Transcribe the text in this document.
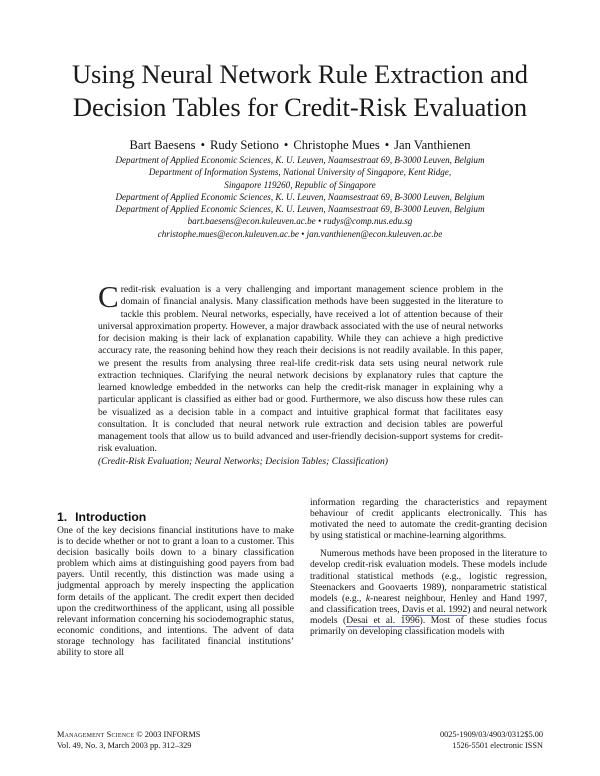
Using Neural Network Rule Extraction and
Decision Tables for Credit-Risk Evaluation
Bart Baesens • Rudy Setiono • Christophe Mues • Jan Vanthienen
Department of Applied Economic Sciences, K. U. Leuven, Naamsestraat 69, B-3000 Leuven, Belgium
Department of Information Systems, National University of Singapore, Kent Ridge,
Singapore 119260, Republic of Singapore
Department of Applied Economic Sciences, K. U. Leuven, Naamsestraat 69, B-3000 Leuven, Belgium
Department of Applied Economic Sciences, K. U. Leuven, Naamsestraat 69, B-3000 Leuven, Belgium
bart.baesens@econ.kuleuven.ac.be • rudys@comp.nus.edu.sg
christophe.mues@econ.kuleuven.ac.be • jan.vanthienen@econ.kuleuven.ac.be
Credit-risk evaluation is a very challenging and important management science problem in the domain of financial analysis. Many classification methods have been suggested in the literature to tackle this problem. Neural networks, especially, have received a lot of attention because of their universal approximation property. However, a major drawback associated with the use of neural networks for decision making is their lack of explanation capability. While they can achieve a high predictive accuracy rate, the reasoning behind how they reach their decisions is not readily available. In this paper, we present the results from analysing three real-life credit-risk data sets using neural network rule extraction techniques. Clarifying the neural network decisions by explanatory rules that capture the learned knowledge embedded in the networks can help the credit-risk manager in explaining why a particular applicant is classified as either bad or good. Furthermore, we also discuss how these rules can be visualized as a decision table in a compact and intuitive graphical format that facilitates easy consultation. It is concluded that neural network rule extraction and decision tables are powerful management tools that allow us to build advanced and user-friendly decision-support systems for credit-risk evaluation.
(Credit-Risk Evaluation; Neural Networks; Decision Tables; Classification)
1. Introduction

One of the key decisions financial institutions have to make is to decide whether or not to grant a loan to a customer. This decision basically boils down to a binary classification problem which aims at distinguishing good payers from bad payers. Until recently, this distinction was made using a judgmental approach by merely inspecting the application form details of the applicant. The credit expert then decided upon the creditworthiness of the applicant, using all possible relevant information concerning his sociodemographic status, economic conditions, and intentions. The advent of data storage technology has facilitated financial institutions’ ability to store all

information regarding the characteristics and repayment behaviour of credit applicants electronically. This has motivated the need to automate the credit-granting decision by using statistical or machine-learning algorithms.

Numerous methods have been proposed in the literature to develop credit-risk evaluation models. These models include traditional statistical methods (e.g., logistic regression, Steenackers and Goovaerts 1989), nonparametric statistical models (e.g., k-nearest neighbour, Henley and Hand 1997, and classification trees, Davis et al. 1992) and neural network models (Desai et al. 1996). Most of these studies focus primarily on developing classification models with

Management Science © 2003 INFORMS
Vol. 49, No. 3, March 2003 pp. 312–329
0025-1909/03/4903/0312$5.00
1526-5501 electronic ISSN
